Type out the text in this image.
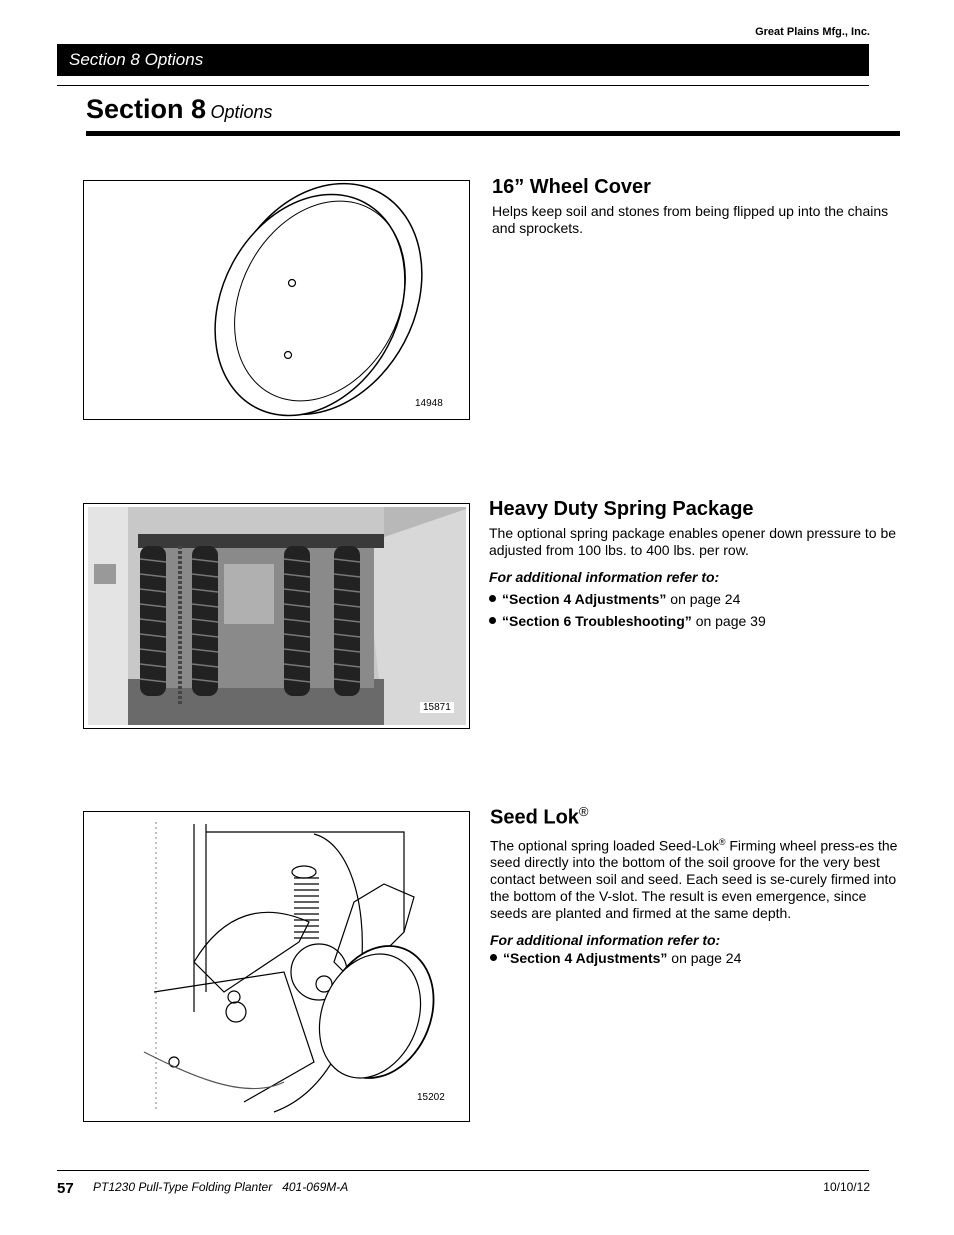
Great Plains Mfg., Inc.
Section 8 Options
Section 8 Options
14948
16” Wheel Cover

Helps keep soil and stones from being flipped up into the chains and sprockets.

15871
Heavy Duty Spring Package

The optional spring package enables opener down pressure to be adjusted from 100 lbs. to 400 lbs. per row.

For additional information refer to:
“Section 4 Adjustments” on page 24
“Section 6 Troubleshooting” on page 39
15202
Seed Lok®

The optional spring loaded Seed-Lok® Firming wheel press-es the seed directly into the bottom of the soil groove for the very best contact between soil and seed. Each seed is se-curely firmed into the bottom of the V-slot. The result is even emergence, since seeds are planted and firmed at the same depth.

For additional information refer to:
“Section 4 Adjustments” on page 24
57 PT1230 Pull-Type Folding Planter   401-069M-A	10/10/12
